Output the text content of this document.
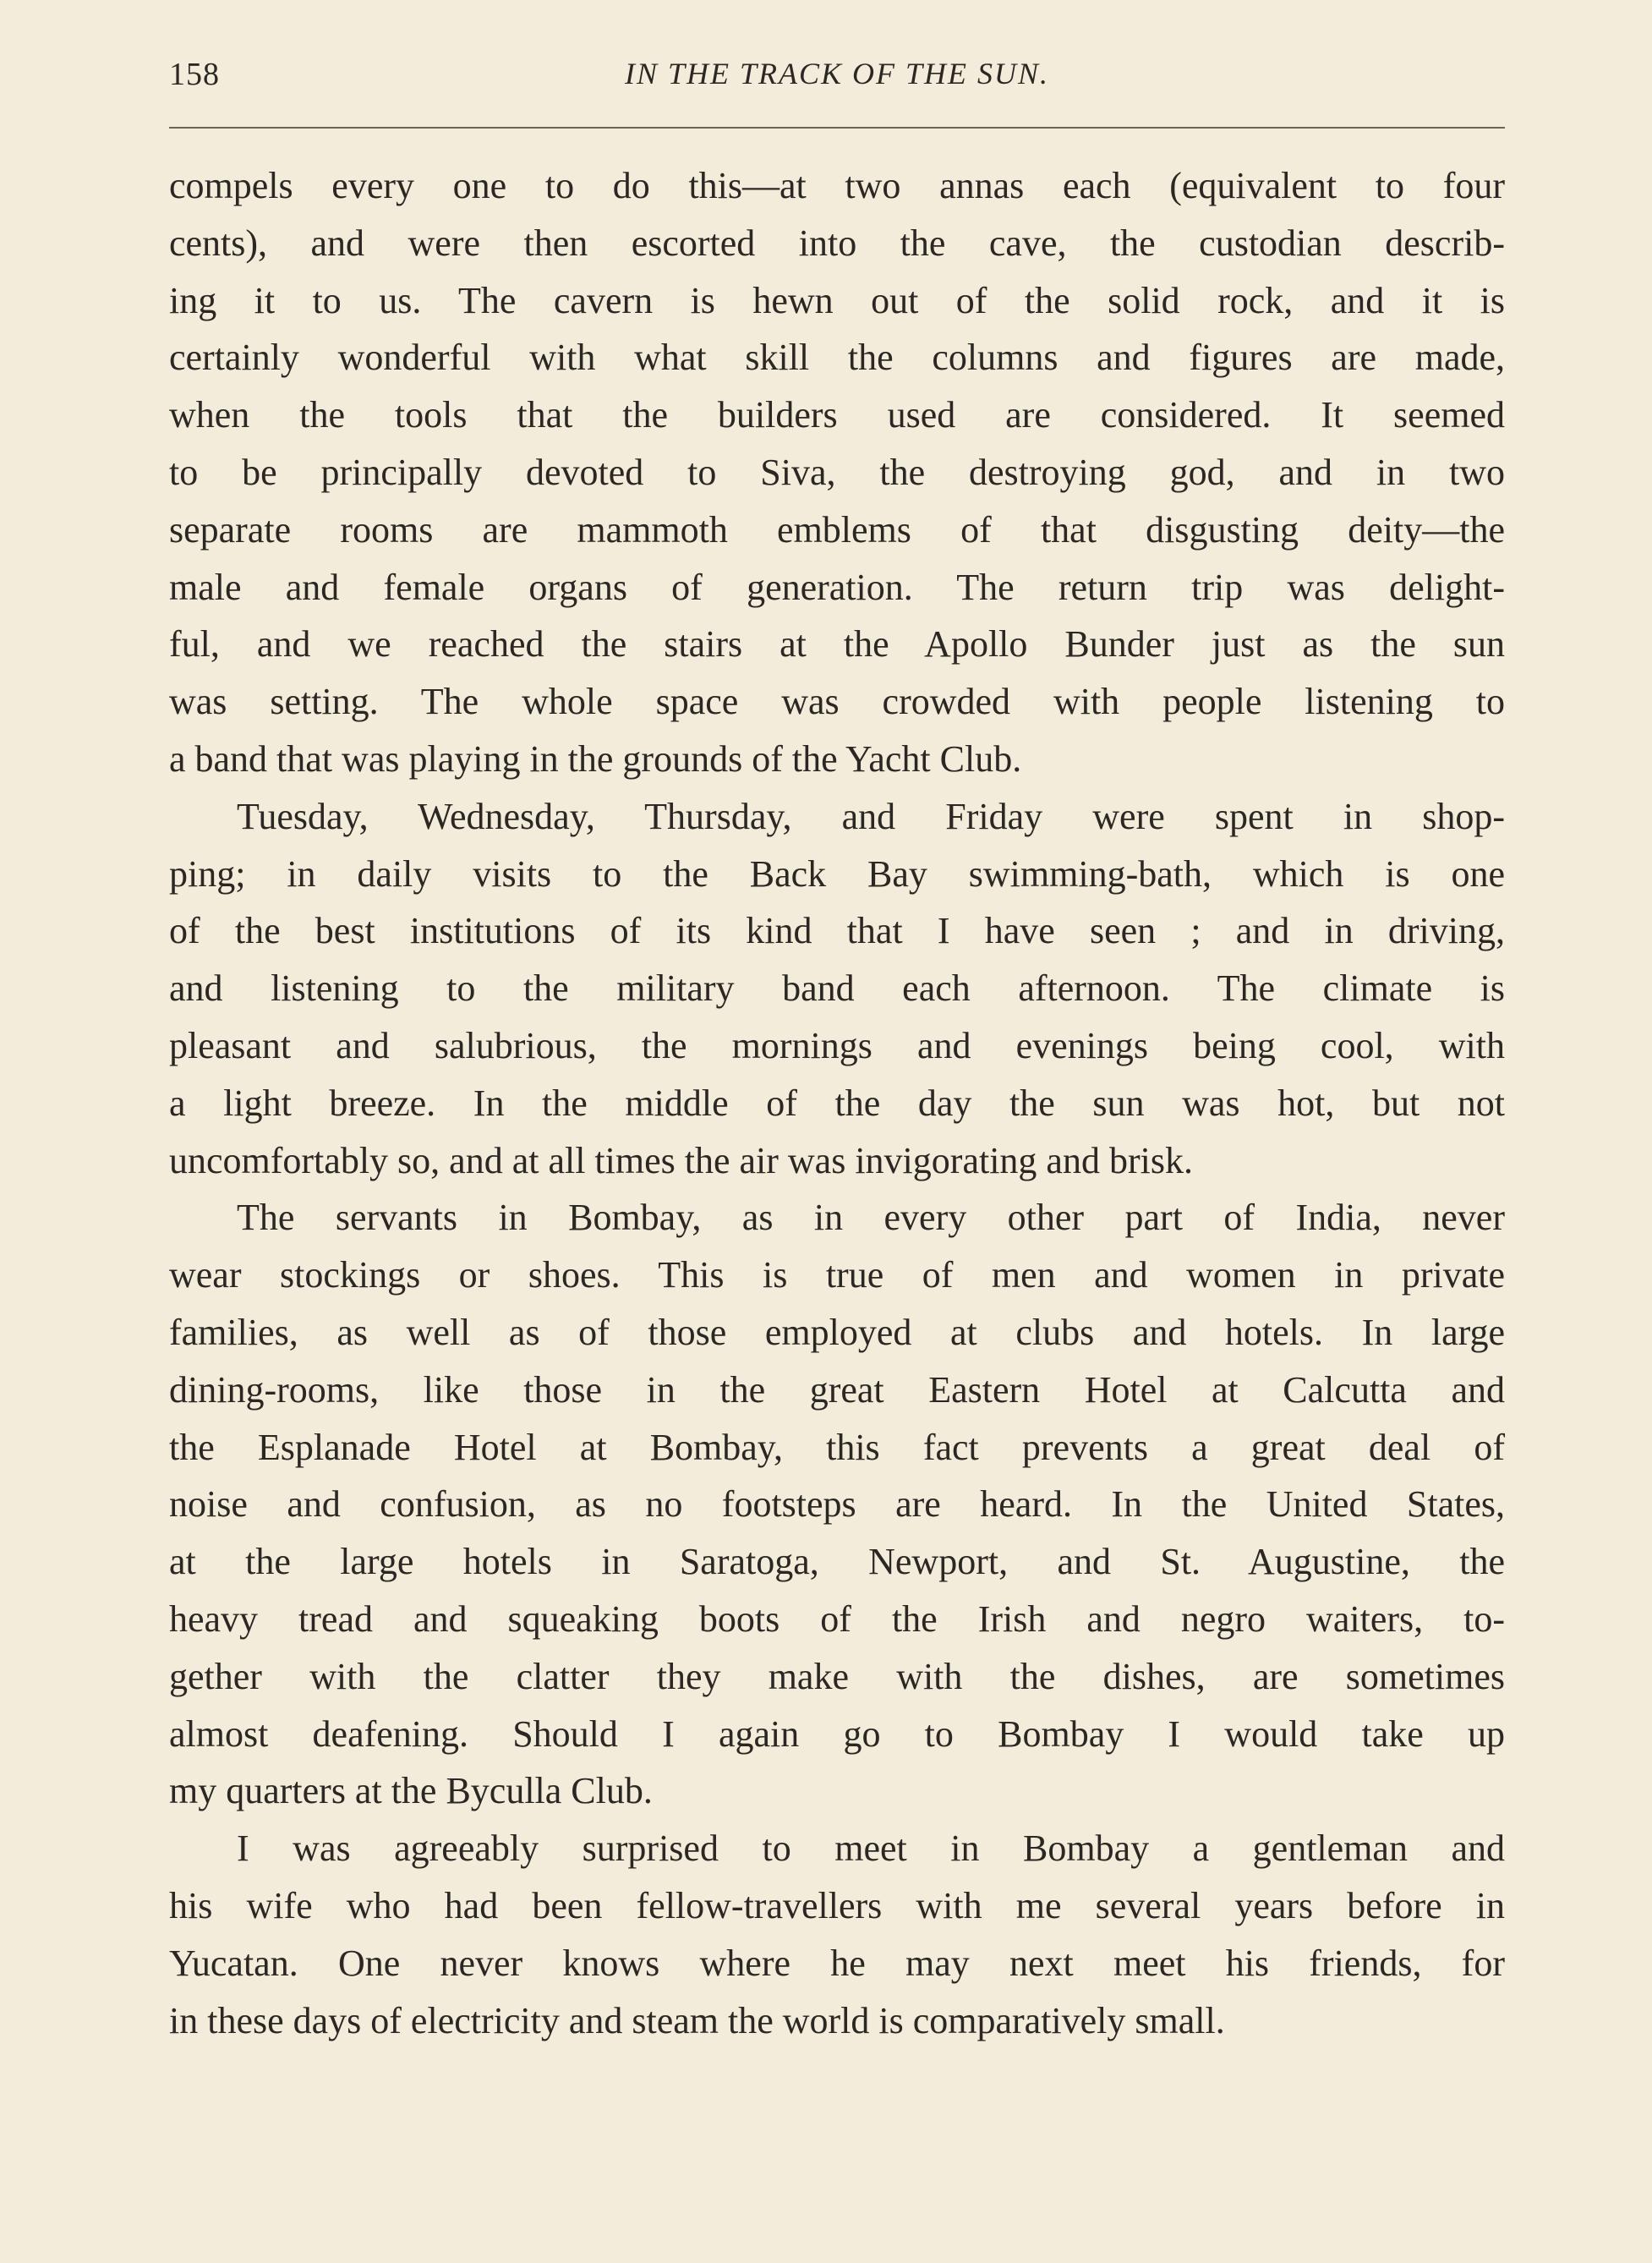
158	IN THE TRACK OF THE SUN.

compels every one to do this—at two annas each (equivalent to four
cents), and were then escorted into the cave, the custodian describ-
ing it to us. The cavern is hewn out of the solid rock, and it is
certainly wonderful with what skill the columns and figures are made,
when the tools that the builders used are considered. It seemed
to be principally devoted to Siva, the destroying god, and in two
separate rooms are mammoth emblems of that disgusting deity—the
male and female organs of generation. The return trip was delight-
ful, and we reached the stairs at the Apollo Bunder just as the sun
was setting. The whole space was crowded with people listening to
a band that was playing in the grounds of the Yacht Club.

Tuesday, Wednesday, Thursday, and Friday were spent in shop-
ping; in daily visits to the Back Bay swimming-bath, which is one
of the best institutions of its kind that I have seen ; and in driving,
and listening to the military band each afternoon. The climate is
pleasant and salubrious, the mornings and evenings being cool, with
a light breeze. In the middle of the day the sun was hot, but not
uncomfortably so, and at all times the air was invigorating and brisk.

The servants in Bombay, as in every other part of India, never
wear stockings or shoes. This is true of men and women in private
families, as well as of those employed at clubs and hotels. In large
dining-rooms, like those in the great Eastern Hotel at Calcutta and
the Esplanade Hotel at Bombay, this fact prevents a great deal of
noise and confusion, as no footsteps are heard. In the United States,
at the large hotels in Saratoga, Newport, and St. Augustine, the
heavy tread and squeaking boots of the Irish and negro waiters, to-
gether with the clatter they make with the dishes, are sometimes
almost deafening. Should I again go to Bombay I would take up
my quarters at the Byculla Club.

I was agreeably surprised to meet in Bombay a gentleman and
his wife who had been fellow-travellers with me several years before in
Yucatan. One never knows where he may next meet his friends, for
in these days of electricity and steam the world is comparatively small.
